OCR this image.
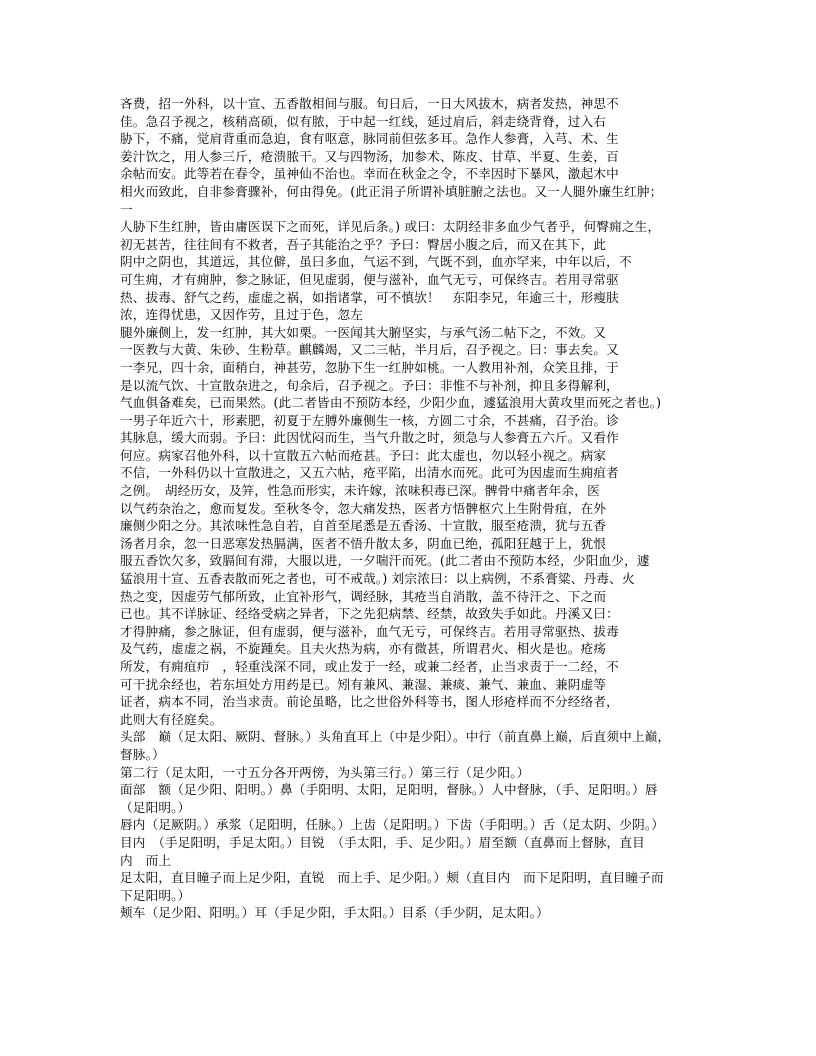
吝费，招一外科，以十宣、五香散相间与服。旬日后，一日大风拔木，病者发热，神思不

佳。急召予视之，核稍高硕，似有脓，于中起一红线，延过肩后，斜走绕背脊，过入右

胁下，不痛，觉肩背重而急迫，食有呕意，脉同前但弦多耳。急作人参膏，入芎、术、生

姜汁饮之，用人参三斤，疮溃脓干。又与四物汤，加参术、陈皮、甘草、半夏、生姜，百

余帖而安。此等若在春令，虽神仙不治也。幸而在秋金之令，不幸因时下暴风，激起木中

相火而致此，自非参膏骤补，何由得免。(此正涓子所谓补填脏腑之法也。又一人腿外廉生红肿；

一

人胁下生红肿，皆由庸医误下之而死，详见后条。) 或曰：太阴经非多血少气者乎，何臀痈之生，

初无甚苦，往往间有不救者，吾子其能治之乎？予曰：臀居小腹之后，而又在其下，此

阴中之阴也，其道远，其位僻，虽曰多血，气运不到，气既不到，血亦罕来，中年以后，不

可生痈，才有痈肿，参之脉证，但见虚弱，便与滋补，血气无亏，可保终吉。若用寻常驱

热、拔毒、舒气之药，虚虚之祸，如指诸掌，可不慎欤！　东阳李兄，年逾三十，形瘦肤

浓，连得忧患，又因作劳，且过于色，忽左

腿外廉侧上，发一红肿，其大如栗。一医闻其大腑坚实，与承气汤二帖下之，不效。又

一医教与大黄、朱砂、生粉草。麒麟竭，又二三帖，半月后，召予视之。曰：事去矣。又

一李兄，四十余，面稍白，神甚劳，忽胁下生一红肿如桃。一人教用补剂，众笑且排，于

是以流气饮、十宣散杂进之，旬余后，召予视之。予曰：非惟不与补剂，抑且多得解利，

气血俱备难矣，已而果然。(此二者皆由不预防本经，少阳少血，遽猛浪用大黄攻里而死之者也。)

一男子年近六十，形素肥，初夏于左膊外廉侧生一核，方圆二寸余，不甚痛，召予治。诊

其脉息，缓大而弱。予曰：此因忧闷而生，当气升散之时，须急与人参膏五六斤。又看作

何应。病家召他外科，以十宣散五六帖而疮甚。予曰：此太虚也，勿以轻小视之。病家

不信，一外科仍以十宣散进之，又五六帖，疮平陷，出清水而死。此可为因虚而生痈疽者

之例。　胡经历女，及笄，性急而形实，未许嫁，浓味积毒已深。髀骨中痛者年余，医

以气药杂治之，愈而复发。至秋冬令，忽大痛发热，医者方悟髀枢穴上生附骨疽，在外

廉侧少阳之分。其浓味性急自若，自首至尾悉是五香汤、十宣散，服至疮溃，犹与五香

汤者月余，忽一日恶寒发热膈满，医者不悟升散太多，阴血已绝，孤阳狂越于上，犹恨

服五香饮欠多，致膈间有滞，大服以进，一夕喘汗而死。(此二者由不预防本经，少阳血少，遽

猛浪用十宣、五香表散而死之者也，可不戒哉。) 刘宗浓曰：以上病例，不系膏粱、丹毒、火

热之变，因虚劳气郁所致，止宜补形气，调经脉，其疮当自消散，盖不待汗之、下之而

已也。其不详脉证、经络受病之异者，下之先犯病禁、经禁，故致失手如此。丹溪又曰：

才得肿痛，参之脉证，但有虚弱，便与滋补，血气无亏，可保终吉。若用寻常驱热、拔毒

及气药，虚虚之祸，不旋踵矣。且夫火热为病，亦有微甚，所谓君火、相火是也。疮疡

所发，有痈疽疖　，轻重浅深不同，或止发于一经，或兼二经者，止当求责于一二经，不

可干扰余经也，若东垣处方用药是已。矧有兼风、兼湿、兼痰、兼气、兼血、兼阴虚等

证者，病本不同，治当求责。前论虽略，比之世俗外科等书，图人形疮样而不分经络者，

此则大有径庭矣。

头部　巅（足太阳、厥阴、督脉。）头角直耳上（中是少阳）。中行（前直鼻上巅，后直须中上巅，

督脉。）

第二行（足太阳，一寸五分各开两傍，为头第三行。）第三行（足少阳。）

面部　额（足少阳、阳明。）鼻（手阳明、太阳，足阳明，督脉。）人中督脉，（手、足阳明。）唇

（足阳明。）

唇内（足厥阴。）承浆（足阳明，任脉。）上齿（足阳明。）下齿（手阳明。）舌（足太阴、少阴。）

目内　（手足阳明，手足太阳。）目锐　（手太阳，手、足少阳。）眉至额（直鼻而上督脉，直目

内　而上

足太阳，直目瞳子而上足少阳，直锐　而上手、足少阳。）颊（直目内　而下足阳明，直目瞳子而

下足阳明。）

颊车（足少阳、阳明。）耳（手足少阳，手太阳。）目系（手少阴，足太阳。）
